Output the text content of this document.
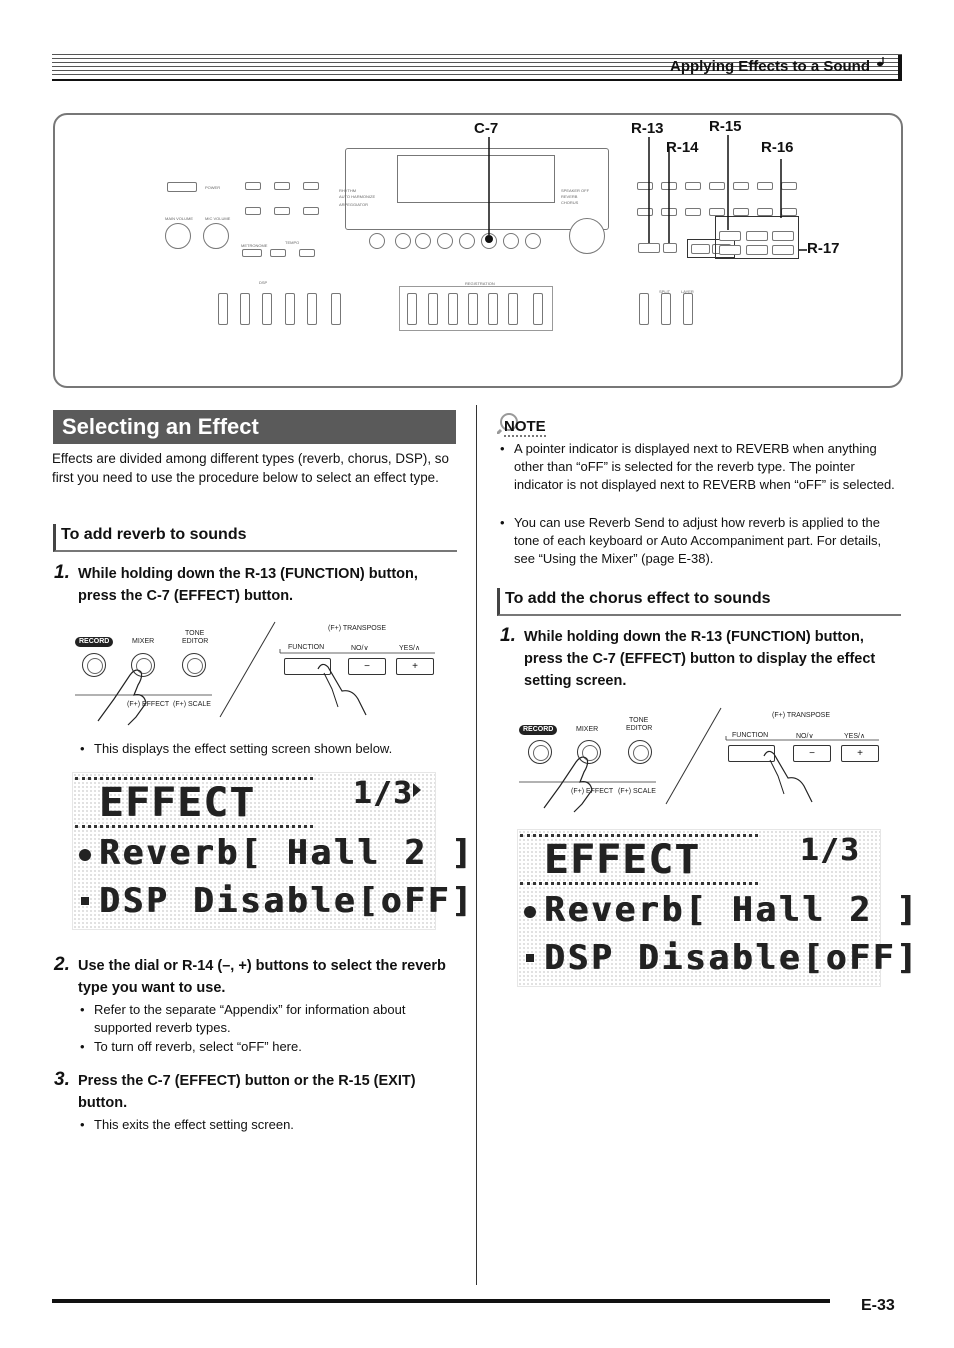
Applying Effects to a Sound
POWER
MAIN VOLUME	MIC VOLUME
METRONOME
TEMPO
RHYTHM
AUTO HARMONIZE
ARPEGGIATOR
SPEAKER OFF
REVERB
CHORUS
DSP	REGISTRATION
SPLIT	LAYER
C-7	R-13
R-14
R-15
R-16
R-17
Selecting an Effect
Effects are divided among different types (reverb, chorus, DSP), so first you need to use the procedure below to select an effect type.
To add reverb to sounds
1. While holding down the R-13 (FUNCTION) button, press the C-7 (EFFECT) button.
RECORD	MIXER
TONE
EDITOR
(F+) EFFECT (F+) SCALE
(F+) TRANSPOSE
FUNCTION	NO/∨	YES/∧
−	+
• This displays the effect setting screen shown below.
EFFECT	1/3
Reverb[ Hall 2 ]
DSP Disable[oFF]
2. Use the dial or R-14 (–, +) buttons to select the reverb type you want to use.
• Refer to the separate “Appendix” for information about supported reverb types.
• To turn off reverb, select “oFF” here.
3. Press the C-7 (EFFECT) button or the R-15 (EXIT) button.
• This exits the effect setting screen.
NOTE
• A pointer indicator is displayed next to REVERB when anything other than “oFF” is selected for the reverb type. The pointer indicator is not displayed next to REVERB when “oFF” is selected.
• You can use Reverb Send to adjust how reverb is applied to the tone of each keyboard or Auto Accompaniment part. For details, see “Using the Mixer” (page E-38).
To add the chorus effect to sounds
1. While holding down the R-13 (FUNCTION) button, press the C-7 (EFFECT) button to display the effect setting screen.
RECORD	MIXER
TONE
EDITOR
(F+) EFFECT (F+) SCALE
(F+) TRANSPOSE
FUNCTION	NO/∨	YES/∧
−	+
EFFECT	1/3
Reverb[ Hall 2 ]
DSP Disable[oFF]
E-33
